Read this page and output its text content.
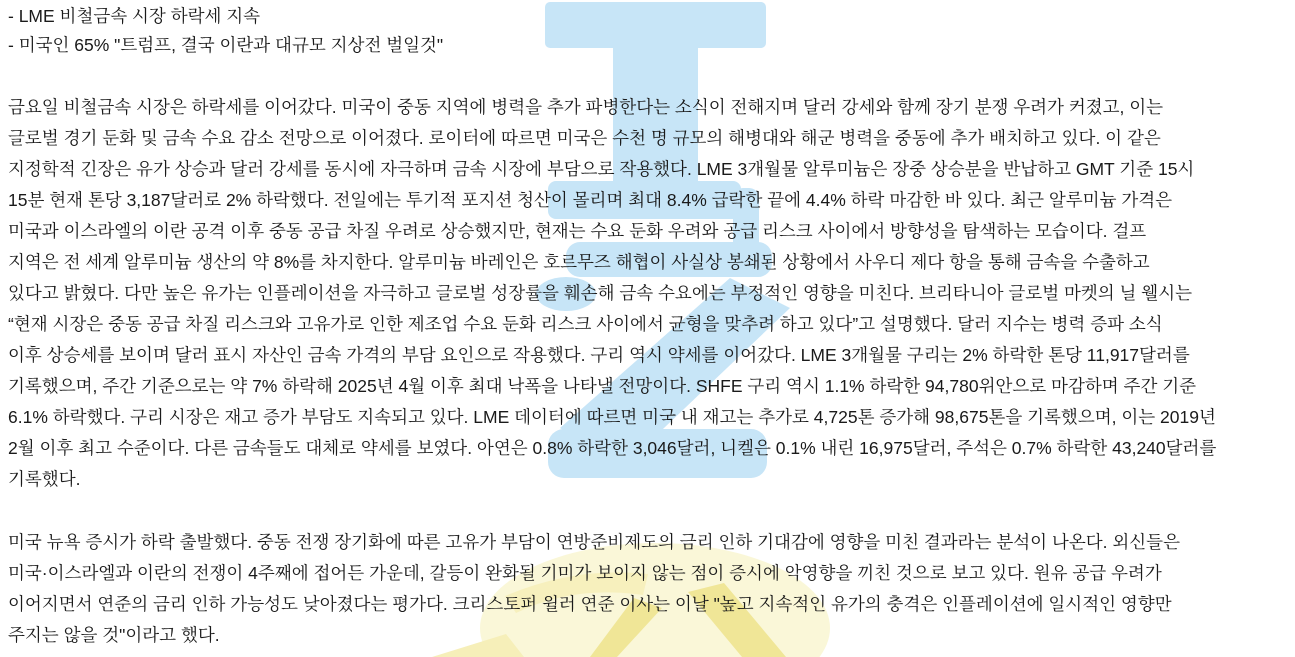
- LME 비철금속 시장 하락세 지속
- 미국인 65% "트럼프, 결국 이란과 대규모 지상전 벌일것"
금요일 비철금속 시장은 하락세를 이어갔다. 미국이 중동 지역에 병력을 추가 파병한다는 소식이 전해지며 달러 강세와 함께 장기 분쟁 우려가 커졌고, 이는
글로벌 경기 둔화 및 금속 수요 감소 전망으로 이어졌다. 로이터에 따르면 미국은 수천 명 규모의 해병대와 해군 병력을 중동에 추가 배치하고 있다. 이 같은
지정학적 긴장은 유가 상승과 달러 강세를 동시에 자극하며 금속 시장에 부담으로 작용했다. LME 3개월물 알루미늄은 장중 상승분을 반납하고 GMT 기준 15시
15분 현재 톤당 3,187달러로 2% 하락했다. 전일에는 투기적 포지션 청산이 몰리며 최대 8.4% 급락한 끝에 4.4% 하락 마감한 바 있다. 최근 알루미늄 가격은
미국과 이스라엘의 이란 공격 이후 중동 공급 차질 우려로 상승했지만, 현재는 수요 둔화 우려와 공급 리스크 사이에서 방향성을 탐색하는 모습이다. 걸프
지역은 전 세계 알루미늄 생산의 약 8%를 차지한다. 알루미늄 바레인은 호르무즈 해협이 사실상 봉쇄된 상황에서 사우디 제다 항을 통해 금속을 수출하고
있다고 밝혔다. 다만 높은 유가는 인플레이션을 자극하고 글로벌 성장률을 훼손해 금속 수요에는 부정적인 영향을 미친다. 브리타니아 글로벌 마켓의 닐 웰시는
“현재 시장은 중동 공급 차질 리스크와 고유가로 인한 제조업 수요 둔화 리스크 사이에서 균형을 맞추려 하고 있다”고 설명했다. 달러 지수는 병력 증파 소식
이후 상승세를 보이며 달러 표시 자산인 금속 가격의 부담 요인으로 작용했다. 구리 역시 약세를 이어갔다. LME 3개월물 구리는 2% 하락한 톤당 11,917달러를
기록했으며, 주간 기준으로는 약 7% 하락해 2025년 4월 이후 최대 낙폭을 나타낼 전망이다. SHFE 구리 역시 1.1% 하락한 94,780위안으로 마감하며 주간 기준
6.1% 하락했다. 구리 시장은 재고 증가 부담도 지속되고 있다. LME 데이터에 따르면 미국 내 재고는 추가로 4,725톤 증가해 98,675톤을 기록했으며, 이는 2019년
2월 이후 최고 수준이다. 다른 금속들도 대체로 약세를 보였다. 아연은 0.8% 하락한 3,046달러, 니켈은 0.1% 내린 16,975달러, 주석은 0.7% 하락한 43,240달러를
기록했다.
미국 뉴욕 증시가 하락 출발했다. 중동 전쟁 장기화에 따른 고유가 부담이 연방준비제도의 금리 인하 기대감에 영향을 미친 결과라는 분석이 나온다. 외신들은
미국·이스라엘과 이란의 전쟁이 4주째에 접어든 가운데, 갈등이 완화될 기미가 보이지 않는 점이 증시에 악영향을 끼친 것으로 보고 있다. 원유 공급 우려가
이어지면서 연준의 금리 인하 가능성도 낮아졌다는 평가다. 크리스토퍼 윌러 연준 이사는 이날 "높고 지속적인 유가의 충격은 인플레이션에 일시적인 영향만
주지는 않을 것"이라고 했다.
